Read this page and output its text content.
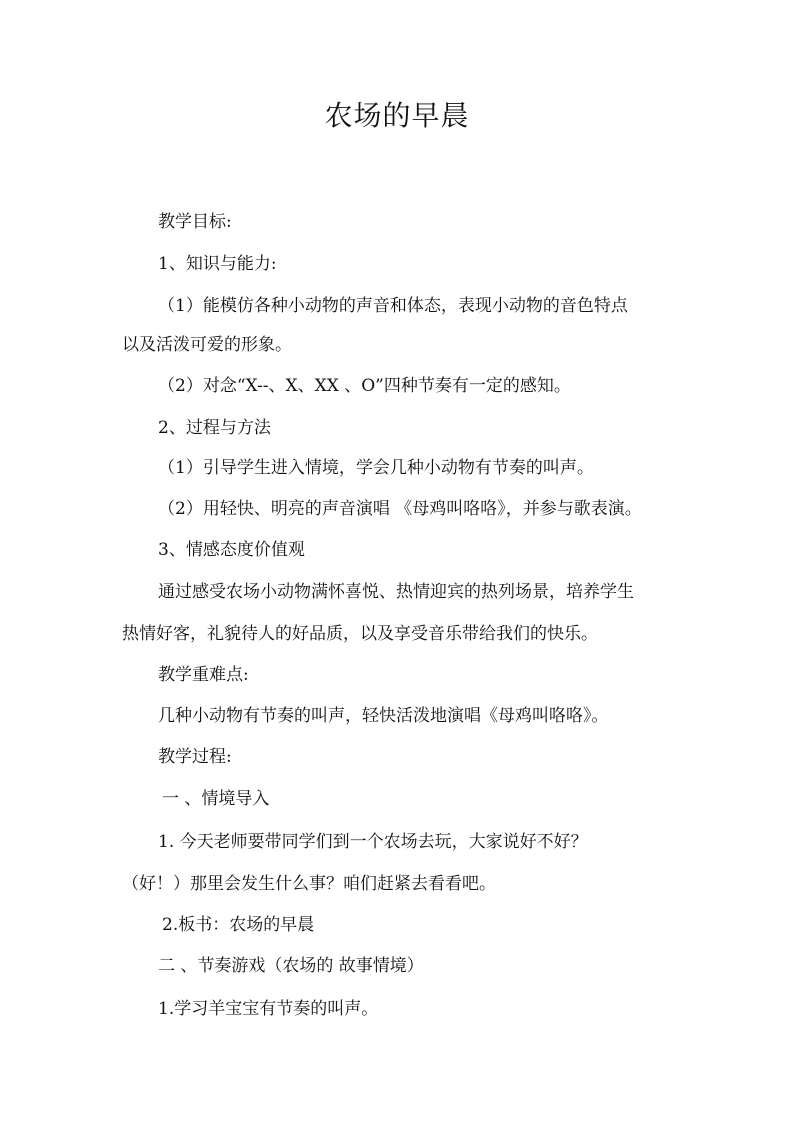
农场的早晨
教学目标:
1、知识与能力:
（1）能模仿各种小动物的声音和体态，表现小动物的音色特点
以及活泼可爱的形象。
（2）对念“X--、X、XX 、O”四种节奏有一定的感知。
2、过程与方法
（1）引导学生进入情境，学会几种小动物有节奏的叫声。
（2）用轻快、明亮的声音演唱 《母鸡叫咯咯》，并参与歌表演。
3、情感态度价值观
通过感受农场小动物满怀喜悦、热情迎宾的热列场景，培养学生
热情好客，礼貌待人的好品质，以及享受音乐带给我们的快乐。
教学重难点:
几种小动物有节奏的叫声，轻快活泼地演唱《母鸡叫咯咯》。
教学过程:
一 、情境导入
1. 今天老师要带同学们到一个农场去玩，大家说好不好？
（好！）那里会发生什么事？咱们赶紧去看看吧。
2.板书：农场的早晨
二 、节奏游戏（农场的 故事情境）
1.学习羊宝宝有节奏的叫声。
